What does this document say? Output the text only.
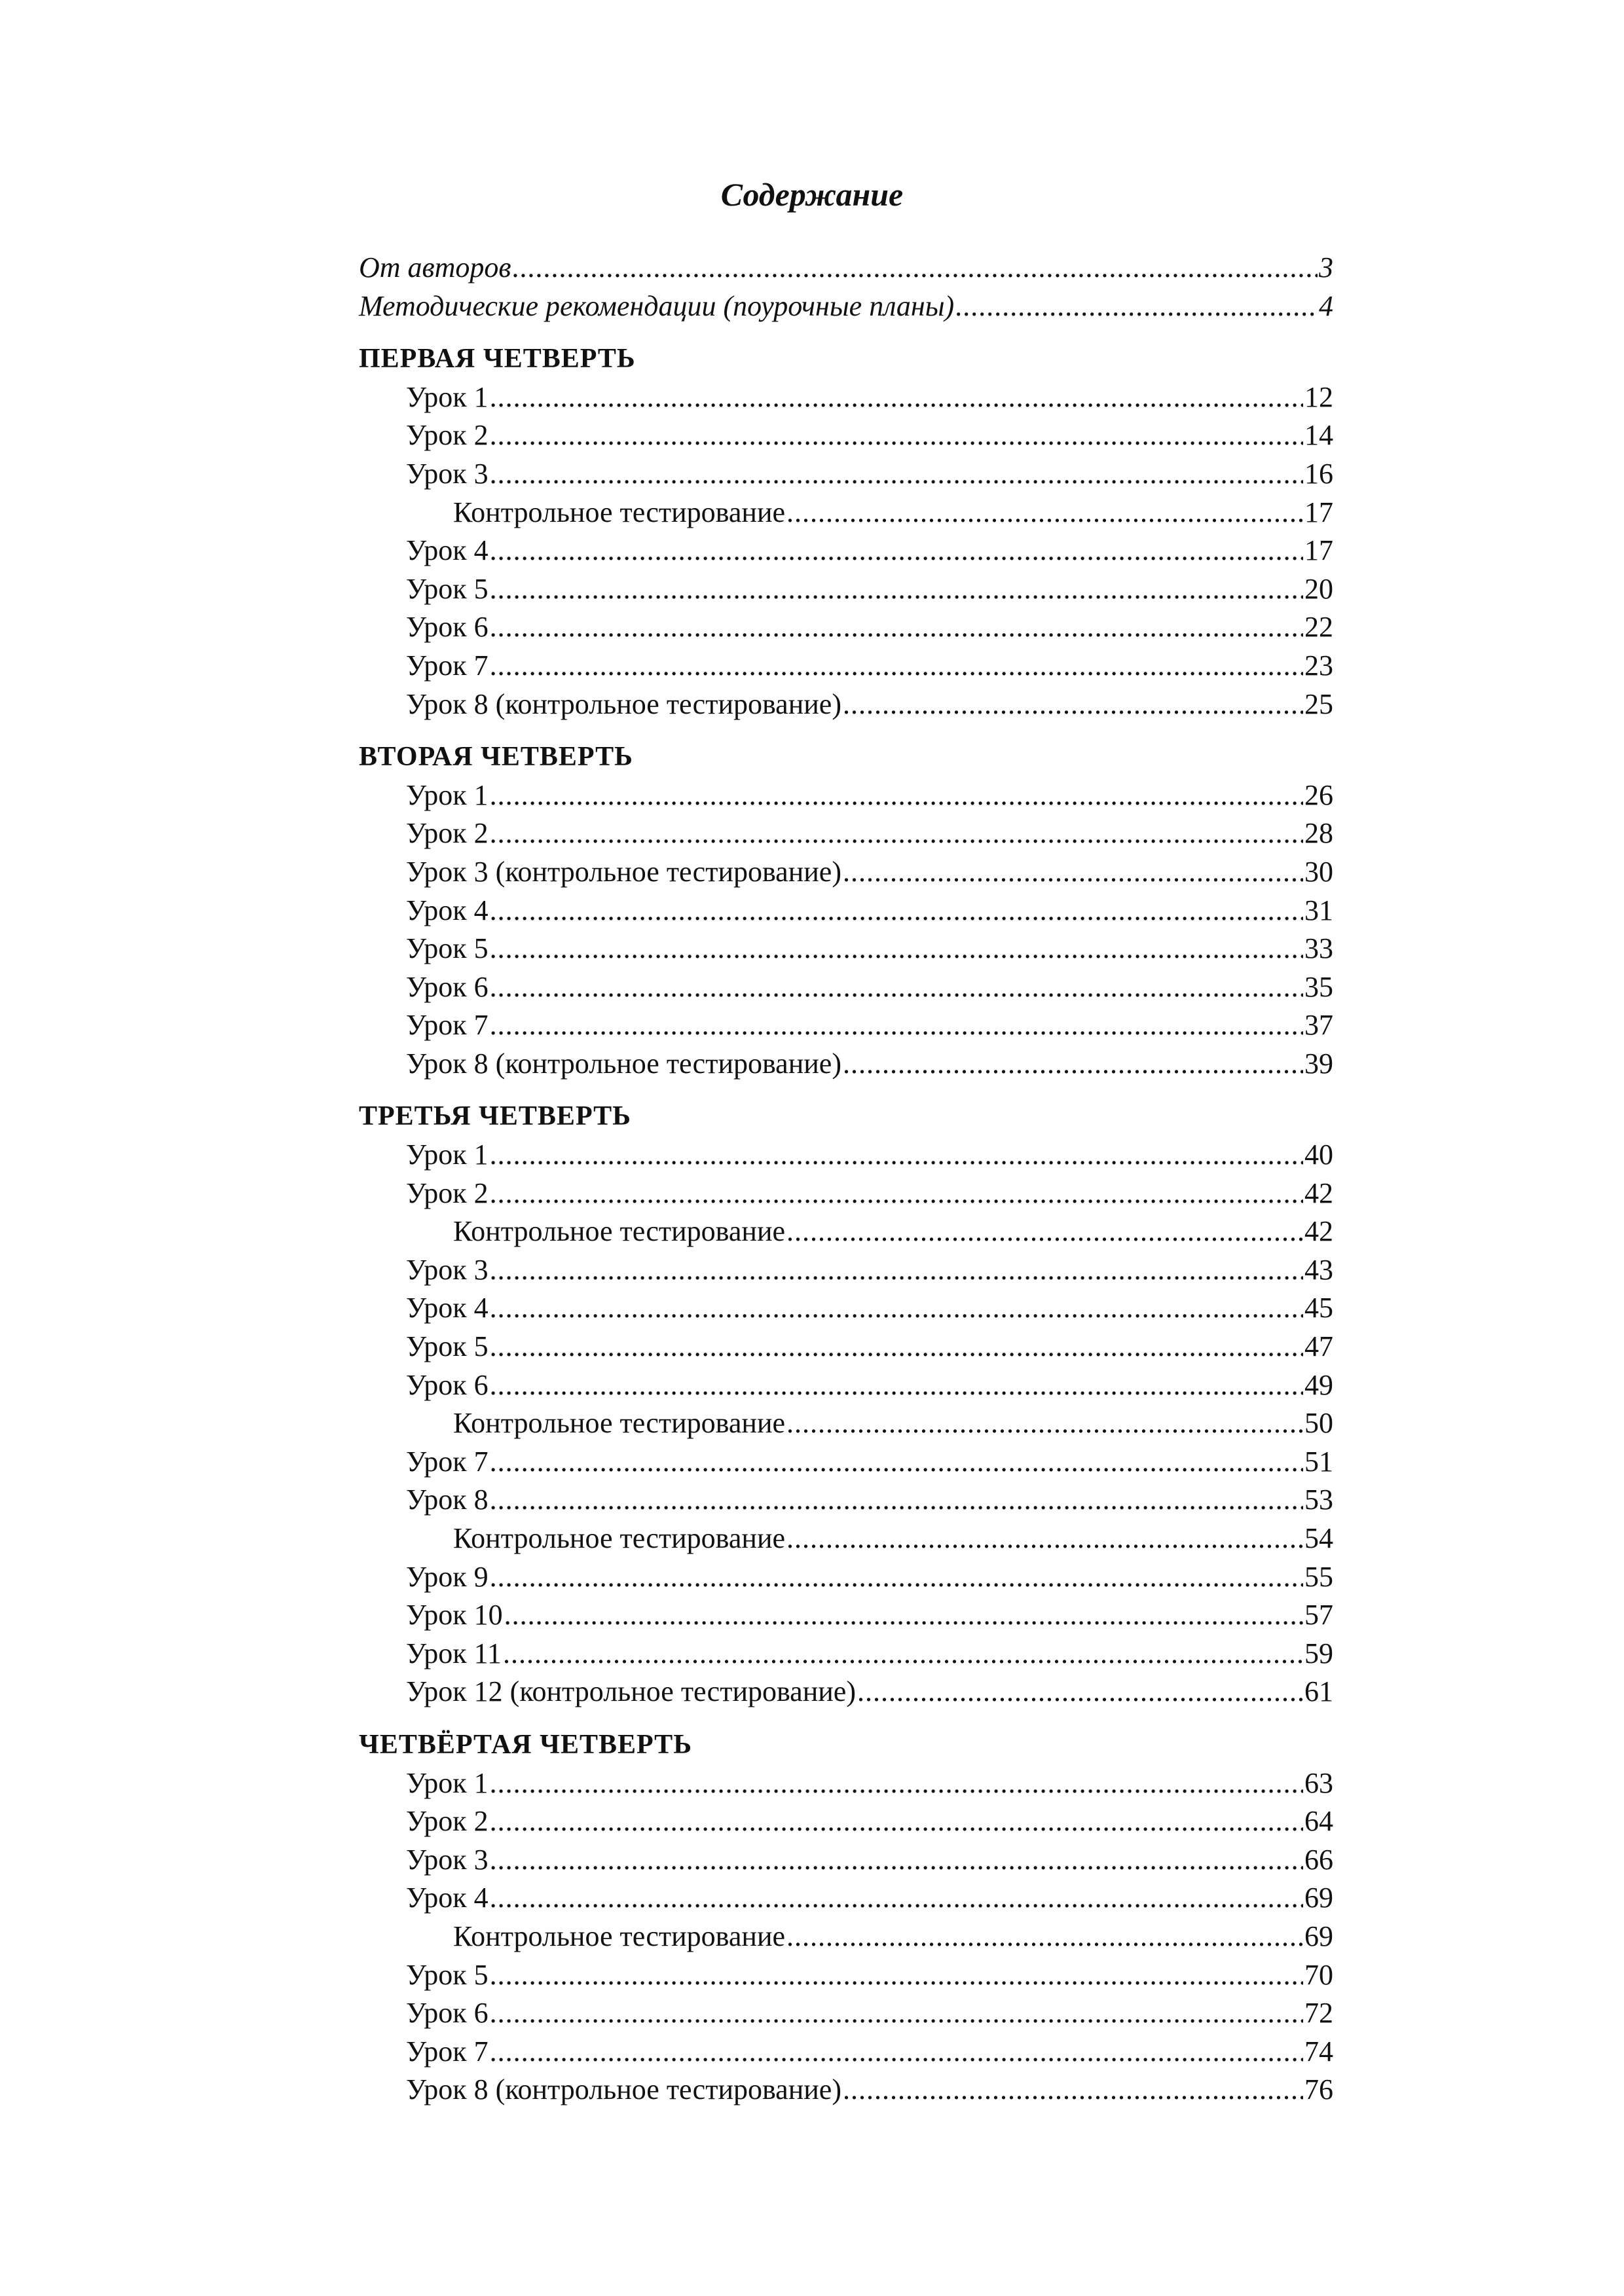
Содержание
От авторов .....	3
Методические рекомендации (поурочные планы) .....	4
ПЕРВАЯ ЧЕТВЕРТЬ
Урок 1 .....	12
Урок 2 .....	14
Урок 3 .....	16
Контрольное тестирование .....	17
Урок 4 .....	17
Урок 5 .....	20
Урок 6 .....	22
Урок 7 .....	23
Урок 8 (контрольное тестирование) .....	25
ВТОРАЯ ЧЕТВЕРТЬ
Урок 1 .....	26
Урок 2 .....	28
Урок 3 (контрольное тестирование) .....	30
Урок 4 .....	31
Урок 5 .....	33
Урок 6 .....	35
Урок 7 .....	37
Урок 8 (контрольное тестирование) .....	39
ТРЕТЬЯ ЧЕТВЕРТЬ
Урок 1 .....	40
Урок 2 .....	42
Контрольное тестирование .....	42
Урок 3 .....	43
Урок 4 .....	45
Урок 5 .....	47
Урок 6 .....	49
Контрольное тестирование .....	50
Урок 7 .....	51
Урок 8 .....	53
Контрольное тестирование .....	54
Урок 9 .....	55
Урок 10 .....	57
Урок 11 .....	59
Урок 12 (контрольное тестирование) .....	61
ЧЕТВЁРТАЯ ЧЕТВЕРТЬ
Урок 1 .....	63
Урок 2 .....	64
Урок 3 .....	66
Урок 4 .....	69
Контрольное тестирование .....	69
Урок 5 .....	70
Урок 6 .....	72
Урок 7 .....	74
Урок 8 (контрольное тестирование) .....	76
